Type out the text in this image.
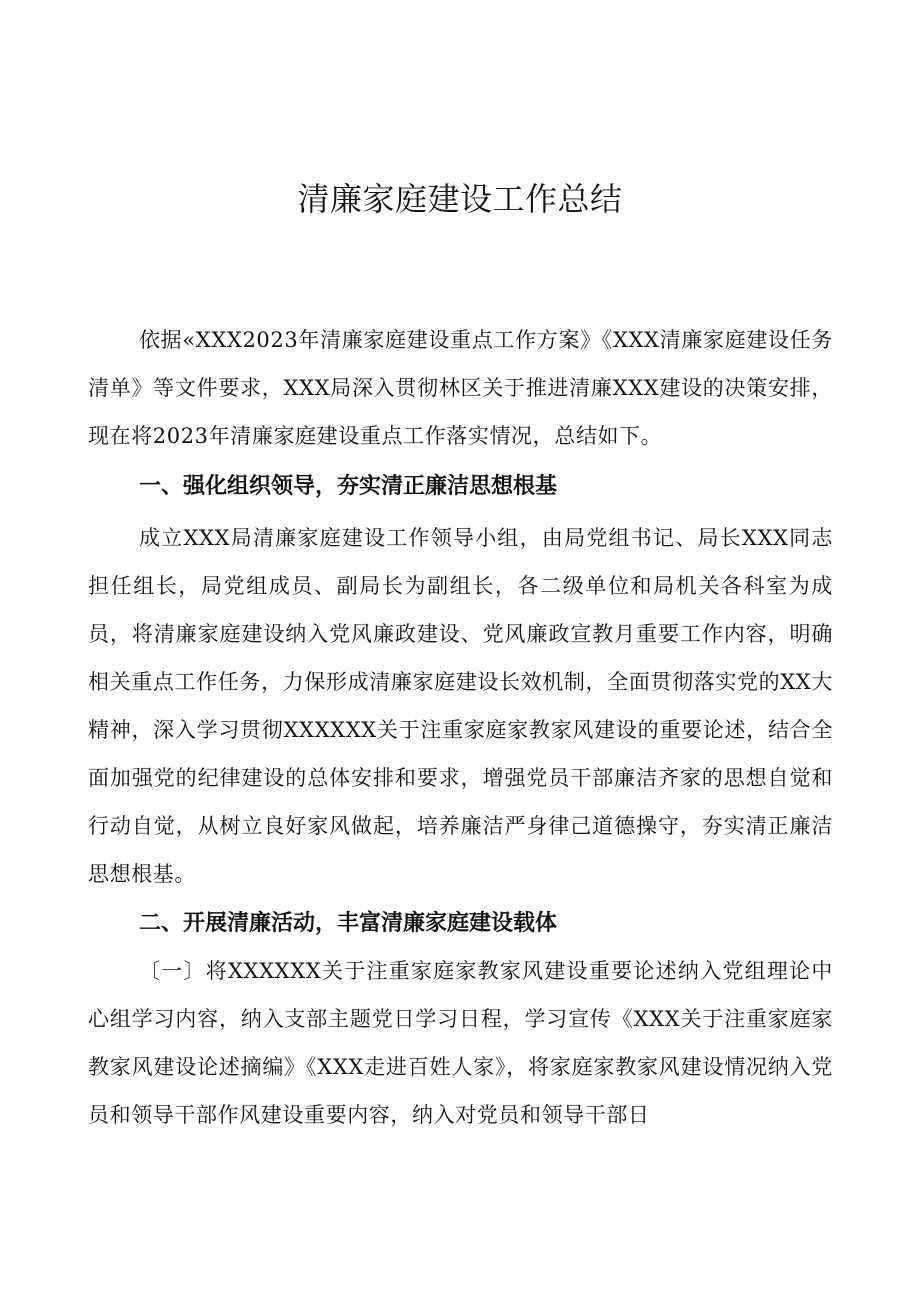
清廉家庭建设工作总结

依据«XXX2023年清廉家庭建设重点工作方案》《XXX清廉家庭建设任务清单》等文件要求，XXX局深入贯彻林区关于推进清廉XXX建设的决策安排，现在将2023年清廉家庭建设重点工作落实情况，总结如下。

一、强化组织领导，夯实清正廉洁思想根基

成立XXX局清廉家庭建设工作领导小组，由局党组书记、局长XXX同志担任组长，局党组成员、副局长为副组长，各二级单位和局机关各科室为成员，将清廉家庭建设纳入党风廉政建设、党风廉政宣教月重要工作内容，明确相关重点工作任务，力保形成清廉家庭建设长效机制，全面贯彻落实党的XX大精神，深入学习贯彻XXXXXX关于注重家庭家教家风建设的重要论述，结合全面加强党的纪律建设的总体安排和要求，增强党员干部廉洁齐家的思想自觉和行动自觉，从树立良好家风做起，培养廉洁严身律己道德操守，夯实清正廉洁思想根基。

二、开展清廉活动，丰富清廉家庭建设载体

〔一〕将XXXXXX关于注重家庭家教家风建设重要论述纳入党组理论中心组学习内容，纳入支部主题党日学习日程，学习宣传《XXX关于注重家庭家教家风建设论述摘编》《XXX走进百姓人家》，将家庭家教家风建设情况纳入党员和领导干部作风建设重要内容，纳入对党员和领导干部日
